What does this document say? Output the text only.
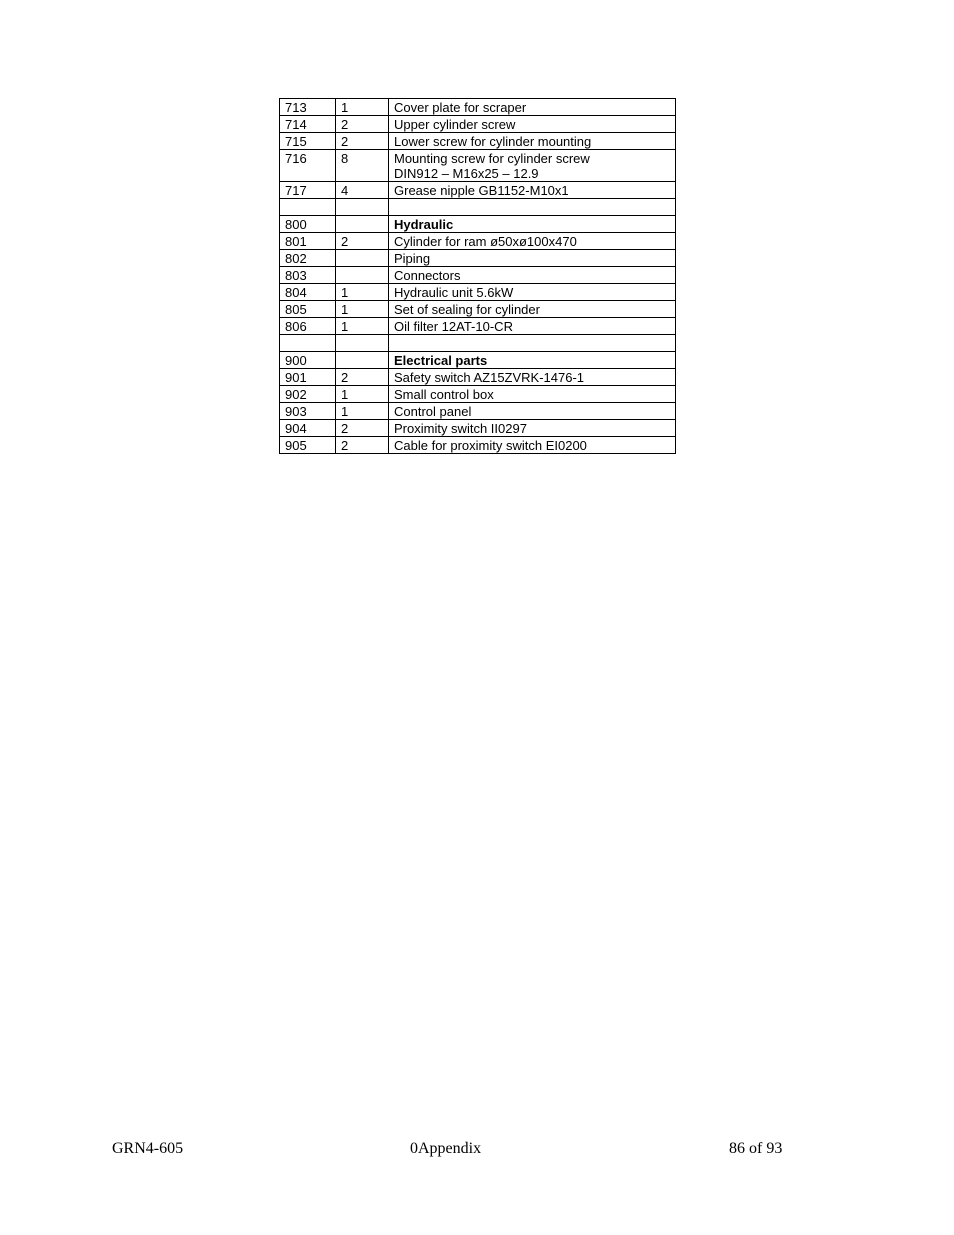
713	1	Cover plate for scraper

714	2	Upper cylinder screw

715	2	Lower screw for cylinder mounting

716	8	Mounting screw for cylinder screw
DIN912 – M16x25 – 12.9

717	4	Grease nipple GB1152-M10x1

800		Hydraulic

801	2	Cylinder for ram ø50xø100x470

802		Piping

803		Connectors

804	1	Hydraulic unit 5.6kW

805	1	Set of sealing for cylinder

806	1	Oil filter 12AT-10-CR

900		Electrical parts

901	2	Safety switch AZ15ZVRK-1476-1

902	1	Small control box

903	1	Control panel

904	2	Proximity switch II0297

905	2	Cable for proximity switch EI0200
GRN4-605	0Appendix	86 of 93
